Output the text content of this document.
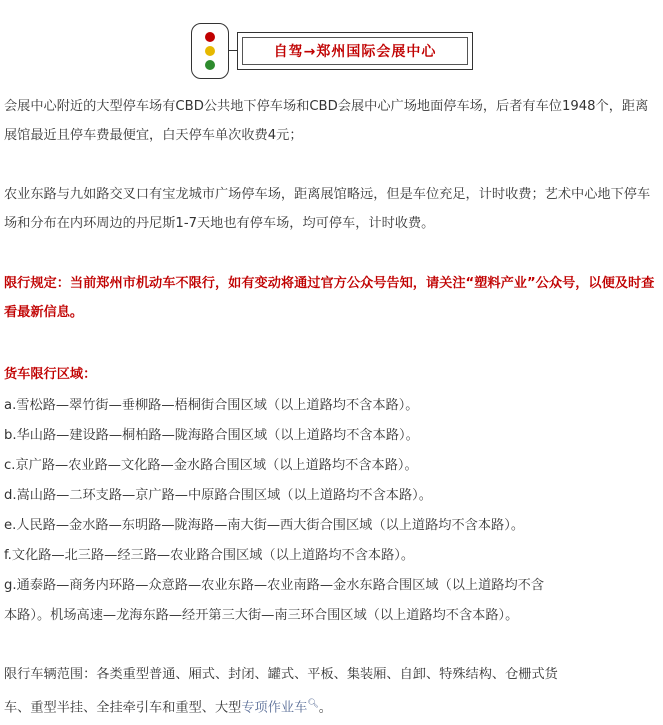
自驾→郑州国际会展中心

会展中心附近的大型停车场有CBD公共地下停车场和CBD会展中心广场地面停车场，后者有车位1948个，距离展馆最近且停车费最便宜，白天停车单次收费4元；

农业东路与九如路交叉口有宝龙城市广场停车场，距离展馆略远，但是车位充足，计时收费；艺术中心地下停车场和分布在内环周边的丹尼斯1-7天地也有停车场，均可停车，计时收费。

限行规定：当前郑州市机动车不限行，如有变动将通过官方公众号告知，请关注“塑料产业”公众号，以便及时查看最新信息。

货车限行区域：
a.雪松路—翠竹街—垂柳路—梧桐街合围区域（以上道路均不含本路）。
b.华山路—建设路—桐柏路—陇海路合围区域（以上道路均不含本路）。
c.京广路—农业路—文化路—金水路合围区域（以上道路均不含本路）。
d.嵩山路—二环支路—京广路—中原路合围区域（以上道路均不含本路）。
e.人民路—金水路—东明路—陇海路—南大街—西大街合围区域（以上道路均不含本路）。
f.文化路—北三路—经三路—农业路合围区域（以上道路均不含本路）。
g.通泰路—商务内环路—众意路—农业东路—农业南路—金水东路合围区域（以上道路均不含
本路）。机场高速—龙海东路—经开第三大街—南三环合围区域（以上道路均不含本路）。
限行车辆范围：各类重型普通、厢式、封闭、罐式、平板、集装厢、自卸、特殊结构、仓栅式货
车、重型半挂、全挂牵引车和重型、大型专项作业车🔍︎。
